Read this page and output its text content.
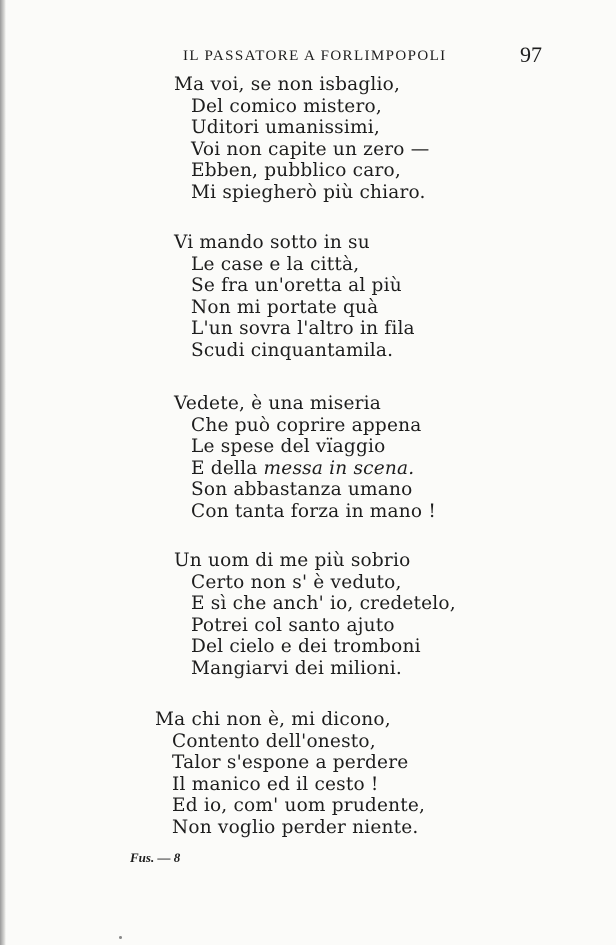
IL PASSATORE A FORLIMPOPOLI	97
Ma voi, se non isbaglio,
Del comico mistero,
Uditori umanissimi,
Voi non capite un zero —
Ebben, pubblico caro,
Mi spiegherò più chiaro.
Vi mando sotto in su
Le case e la città,
Se fra un'oretta al più
Non mi portate quà
L'un sovra l'altro in fila
Scudi cinquantamila.
Vedete, è una miseria
Che può coprire appena
Le spese del vïaggio
E della messa in scena.
Son abbastanza umano
Con tanta forza in mano !
Un uom di me più sobrio
Certo non s' è veduto,
E sì che anch' io, credetelo,
Potrei col santo ajuto
Del cielo e dei tromboni
Mangiarvi dei milioni.
Ma chi non è, mi dicono,
Contento dell'onesto,
Talor s'espone a perdere
Il manico ed il cesto !
Ed io, com' uom prudente,
Non voglio perder niente.
Fus. — 8
